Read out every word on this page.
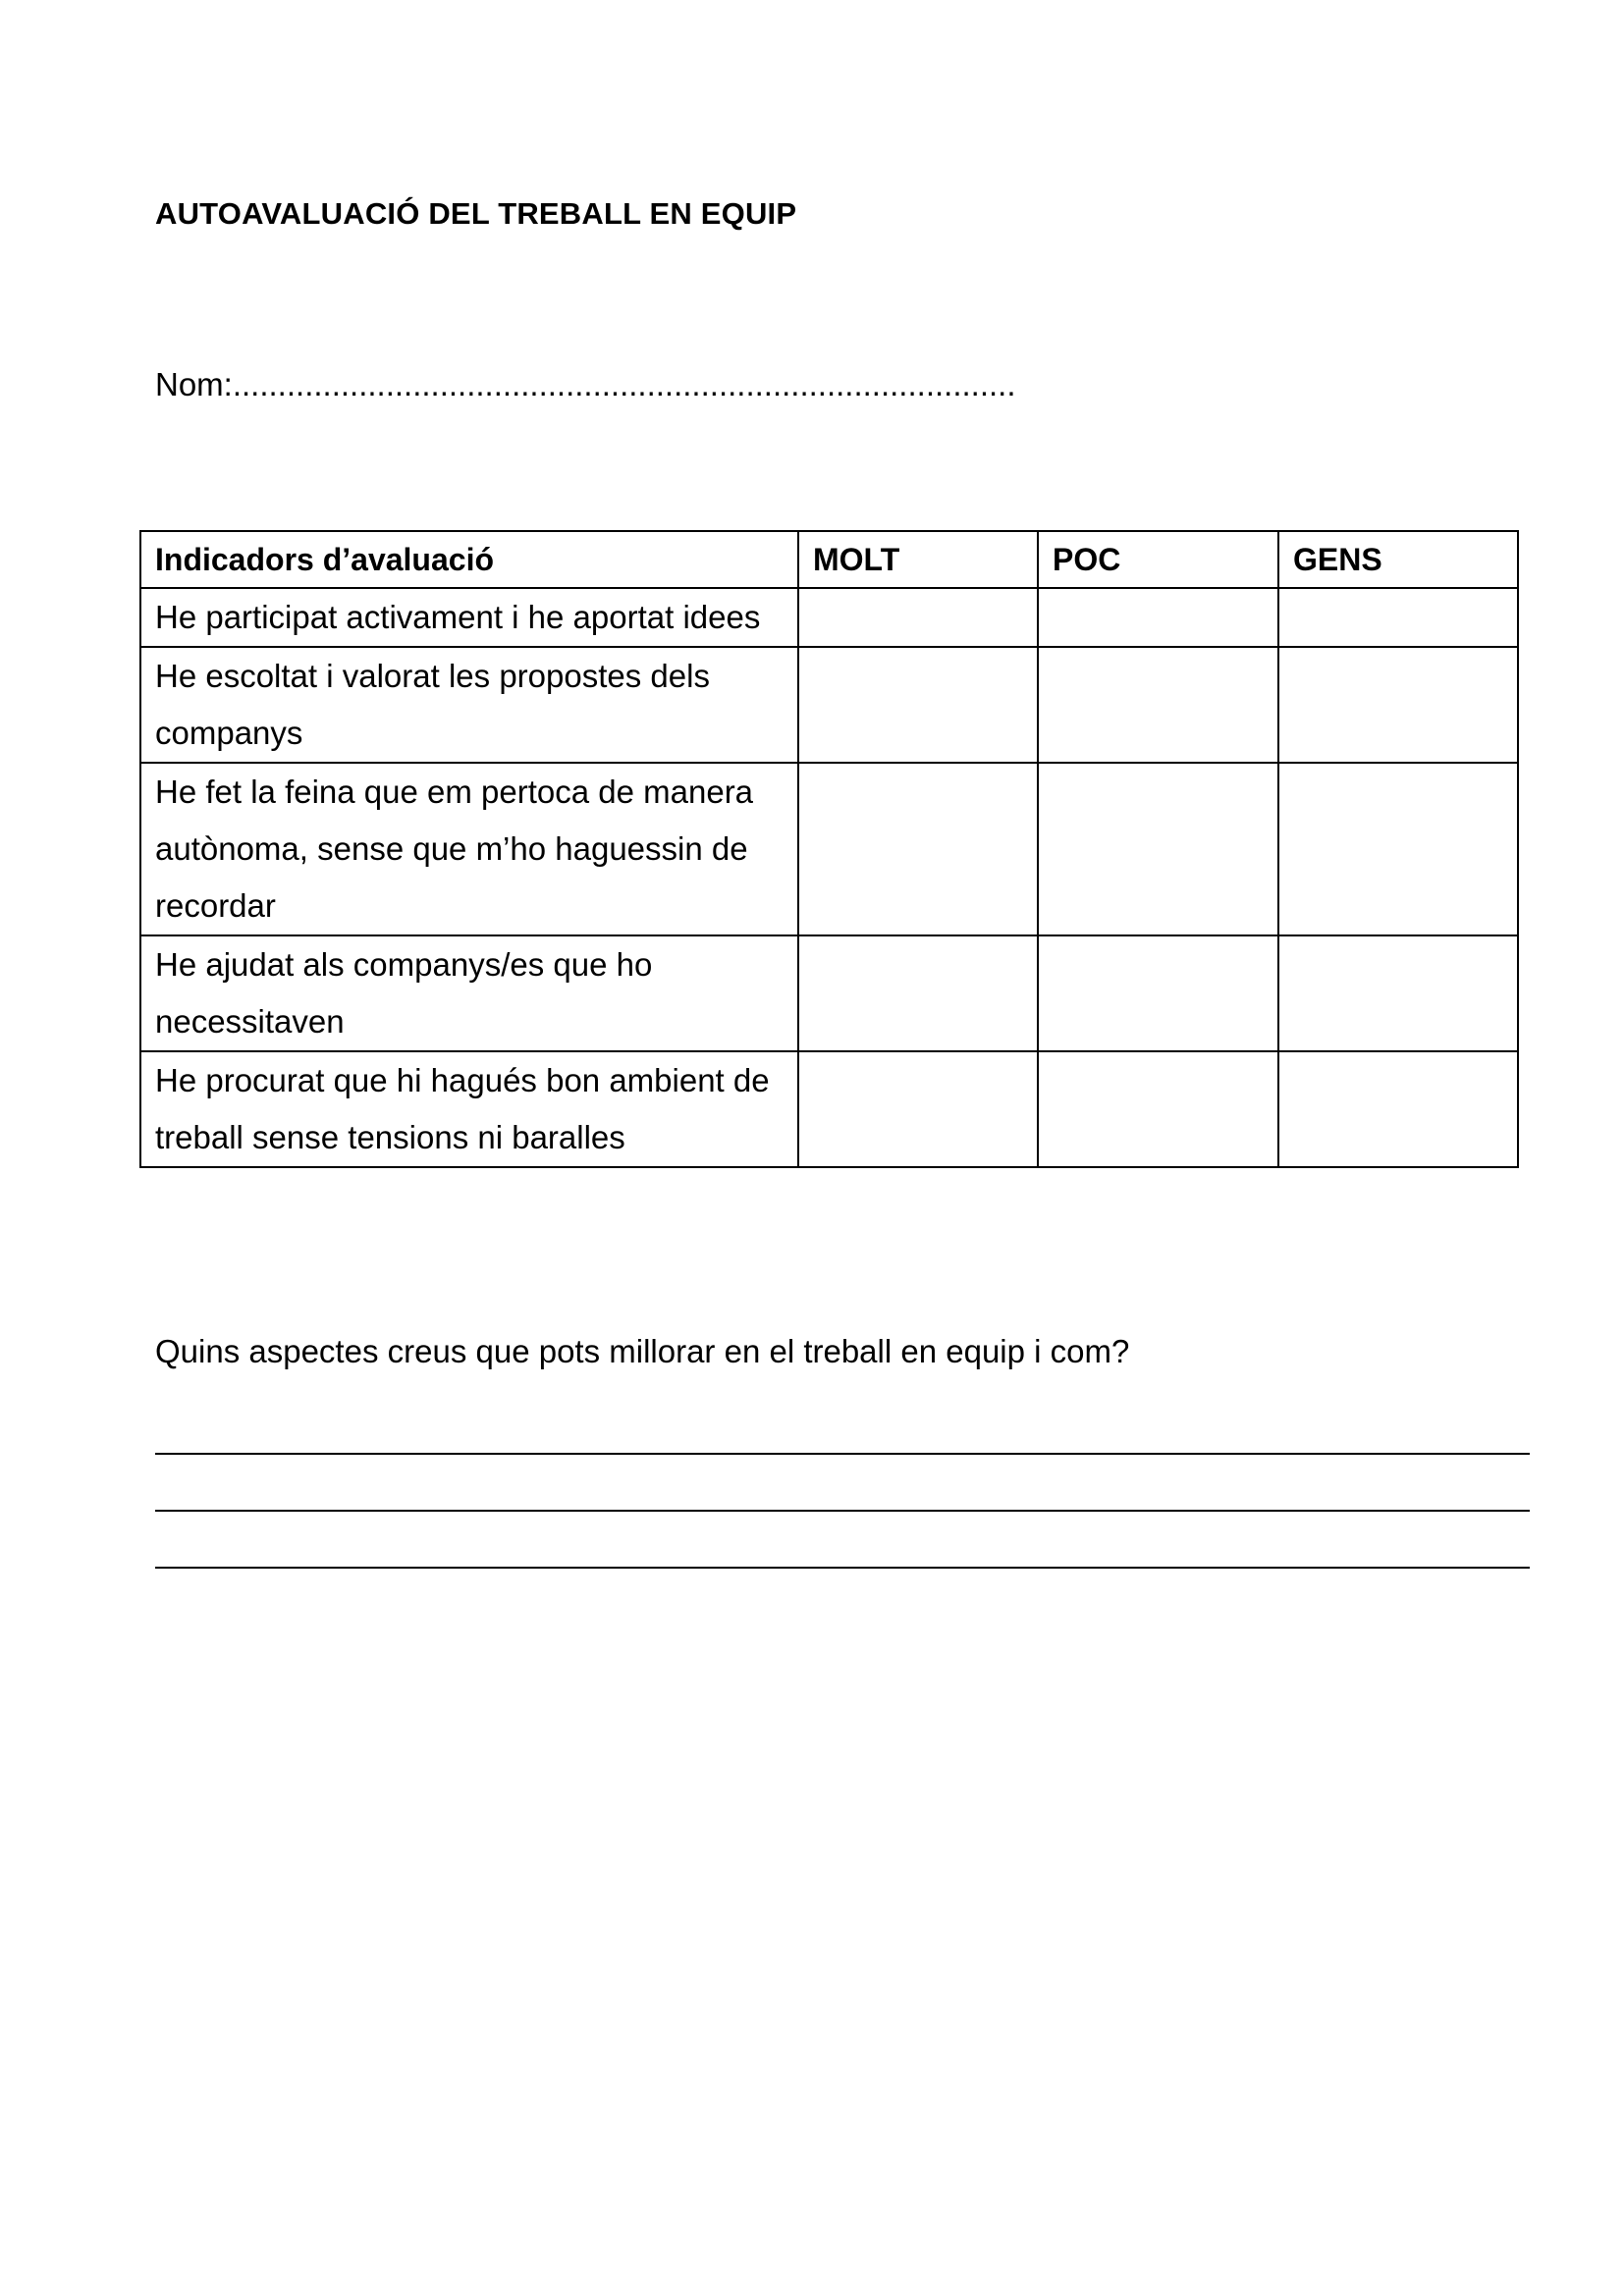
AUTOAVALUACIÓ DEL TREBALL EN EQUIP
Nom:.......................................................................................
Indicadors d’avaluació	MOLT	POC	GENS
He participat activament i he aportat idees			
He escoltat i valorat les propostes dels companys			
He fet la feina que em pertoca de manera autònoma, sense que m’ho haguessin de recordar			
He ajudat als companys/es que ho necessitaven			
He procurat que hi hagués bon ambient de treball sense tensions ni baralles			
Quins aspectes creus que pots millorar en el treball en equip i com?
